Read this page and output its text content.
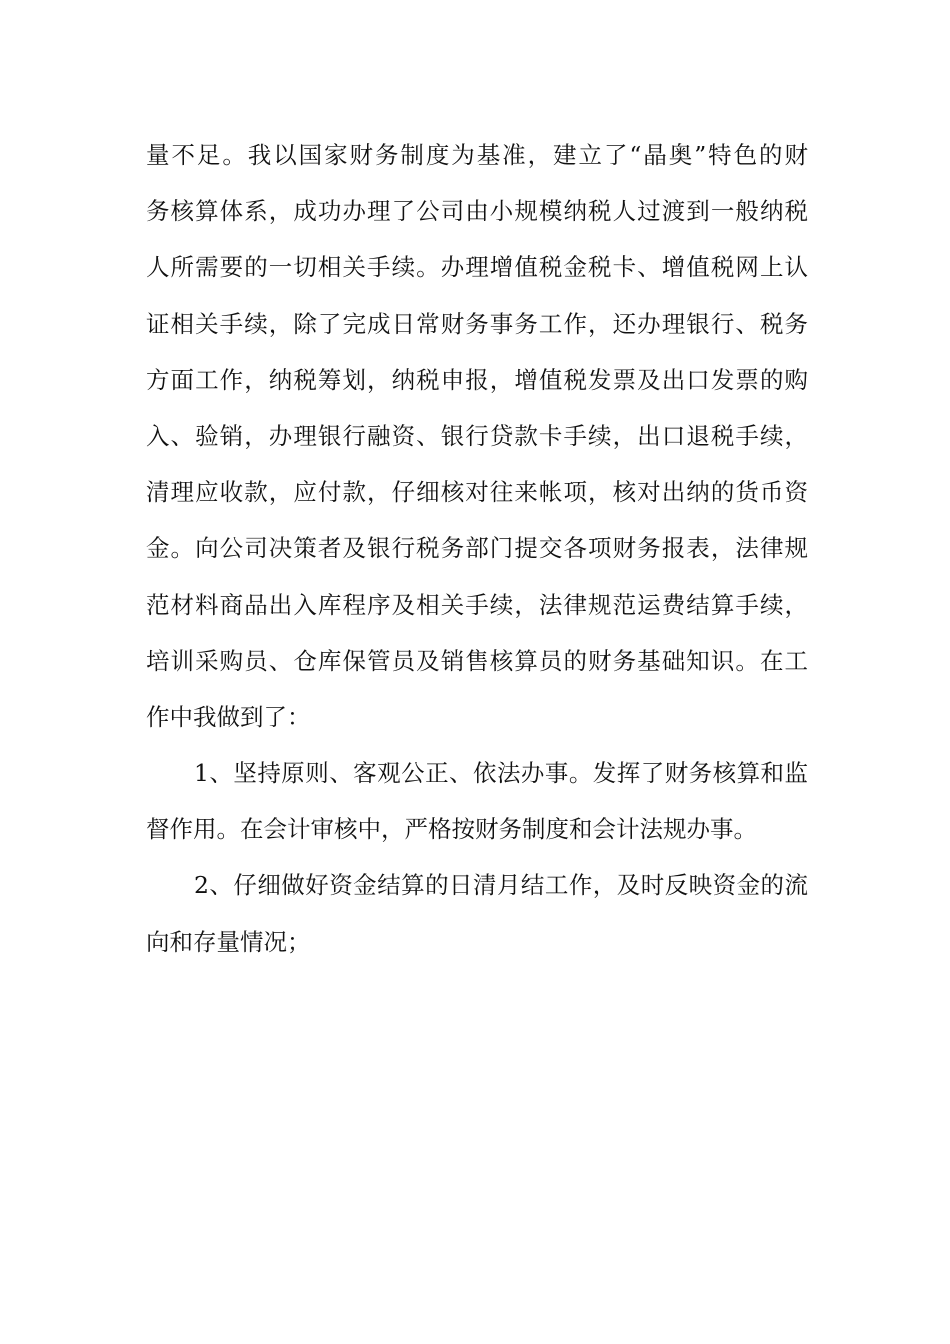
量不足。我以国家财务制度为基准，建立了“晶奥”特色的财
务核算体系，成功办理了公司由小规模纳税人过渡到一般纳税
人所需要的一切相关手续。办理增值税金税卡、增值税网上认
证相关手续，除了完成日常财务事务工作，还办理银行、税务
方面工作，纳税筹划，纳税申报，增值税发票及出口发票的购
入、验销，办理银行融资、银行贷款卡手续，出口退税手续，
清理应收款，应付款，仔细核对往来帐项，核对出纳的货币资
金。向公司决策者及银行税务部门提交各项财务报表，法律规
范材料商品出入库程序及相关手续，法律规范运费结算手续，
培训采购员、仓库保管员及销售核算员的财务基础知识。在工
作中我做到了：
1、坚持原则、客观公正、依法办事。发挥了财务核算和监
督作用。在会计审核中，严格按财务制度和会计法规办事。
2、仔细做好资金结算的日清月结工作，及时反映资金的流
向和存量情况；
